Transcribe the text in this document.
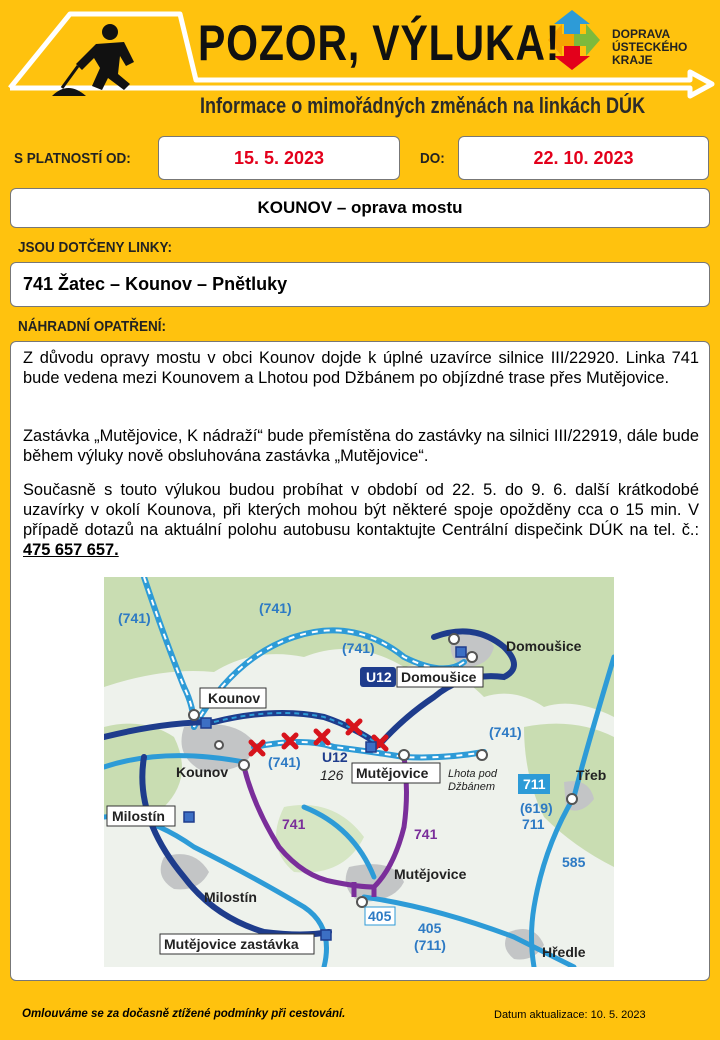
POZOR, VÝLUKA!
Informace o mimořádných změnách na linkách DÚK
DOPRAVA
ÚSTECKÉHO
KRAJE
S PLATNOSTÍ OD:	15. 5. 2023	DO:	22. 10. 2023
KOUNOV – oprava mostu
JSOU DOTČENY LINKY:
741 Žatec – Kounov – Pnětluky
NÁHRADNÍ OPATŘENÍ:

Z důvodu opravy mostu v obci Kounov dojde k úplné uzavírce silnice III/22920. Linka 741 bude vedena mezi Kounovem a Lhotou pod Džbánem po objízdné trase přes Mutějovice.

Zastávka „Mutějovice, K nádraží“ bude přemístěna do zastávky na silnici III/22919, dále bude během výluky nově obsluhována zastávka „Mutějovice“.

Současně s touto výlukou budou probíhat v období od 22. 5. do 9. 6. další krátkodobé uzavírky v okolí Kounova, při kterých mohou být některé spoje opožděny cca o 15 min. V případě dotazů na aktuální polohu autobusu kontaktujte Centrální dispečink DÚK na tel. č.: 475 657 657.

(741)
(741)
(741)
(741)
(741)
Kounov
Kounov
Domoušice
U12 Domoušice
U12
126 Mutějovice Lhota pod
Džbánem 711
Třeb
(619)
711
Milostín
Milostín
741
741
Mutějovice
585
405
405
(711)	Hředle
Mutějovice zastávka
Omlouváme se za dočasně ztížené podmínky při cestování.	Datum aktualizace: 10. 5. 2023
